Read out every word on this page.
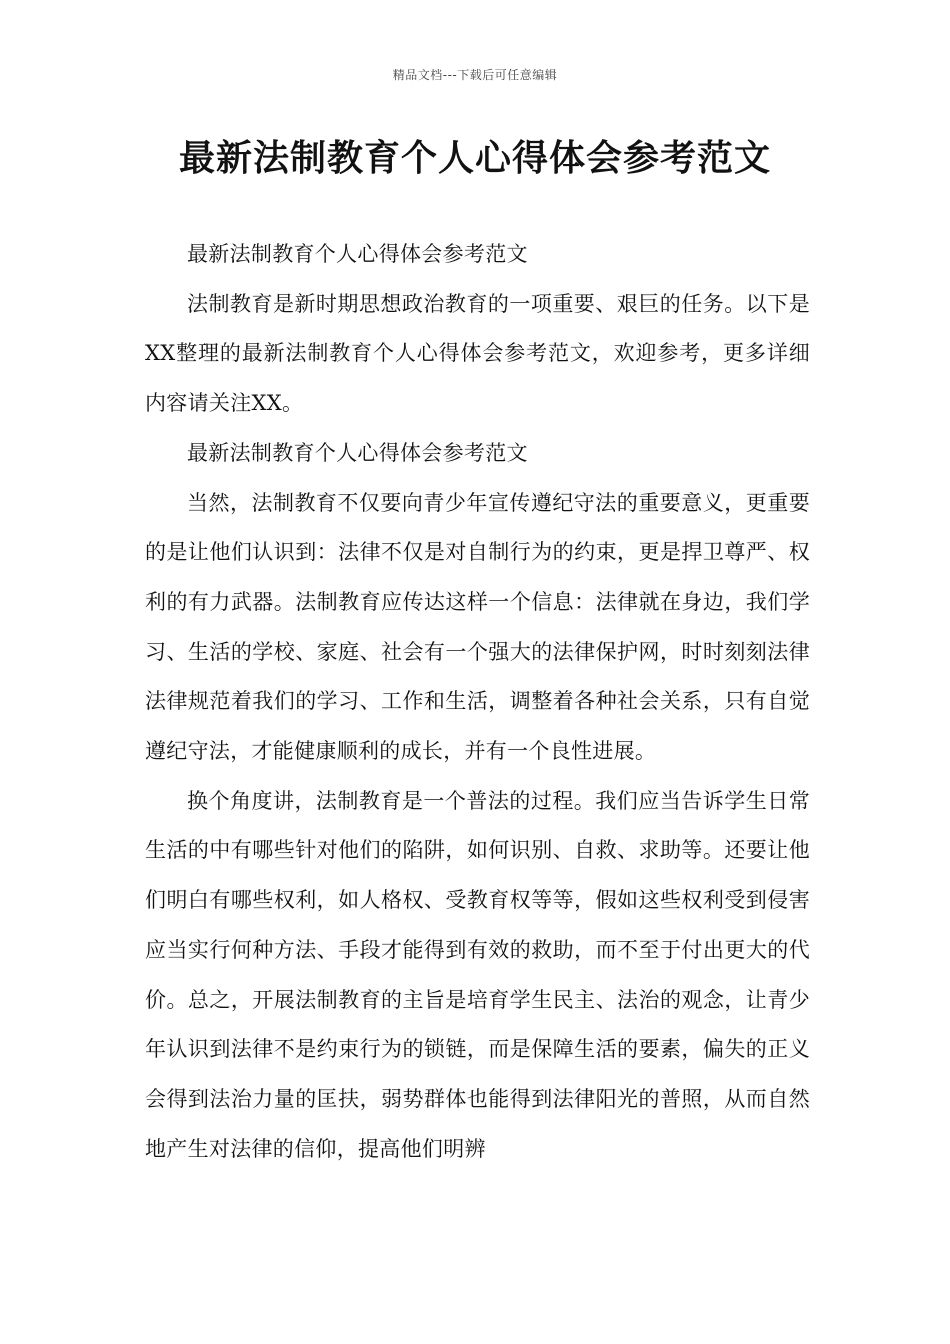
精品文档---下载后可任意编辑
最新法制教育个人心得体会参考范文

最新法制教育个人心得体会参考范文

法制教育是新时期思想政治教育的一项重要、艰巨的任务。以下是XX整理的最新法制教育个人心得体会参考范文，欢迎参考，更多详细内容请关注XX。

最新法制教育个人心得体会参考范文

当然，法制教育不仅要向青少年宣传遵纪守法的重要意义，更重要的是让他们认识到：法律不仅是对自制行为的约束，更是捍卫尊严、权利的有力武器。法制教育应传达这样一个信息：法律就在身边，我们学习、生活的学校、家庭、社会有一个强大的法律保护网，时时刻刻法律法律规范着我们的学习、工作和生活，调整着各种社会关系，只有自觉遵纪守法，才能健康顺利的成长，并有一个良性进展。

换个角度讲，法制教育是一个普法的过程。我们应当告诉学生日常生活的中有哪些针对他们的陷阱，如何识别、自救、求助等。还要让他们明白有哪些权利，如人格权、受教育权等等，假如这些权利受到侵害应当实行何种方法、手段才能得到有效的救助，而不至于付出更大的代价。总之，开展法制教育的主旨是培育学生民主、法治的观念，让青少年认识到法律不是约束行为的锁链，而是保障生活的要素，偏失的正义会得到法治力量的匡扶，弱势群体也能得到法律阳光的普照，从而自然地产生对法律的信仰，提高他们明辨
